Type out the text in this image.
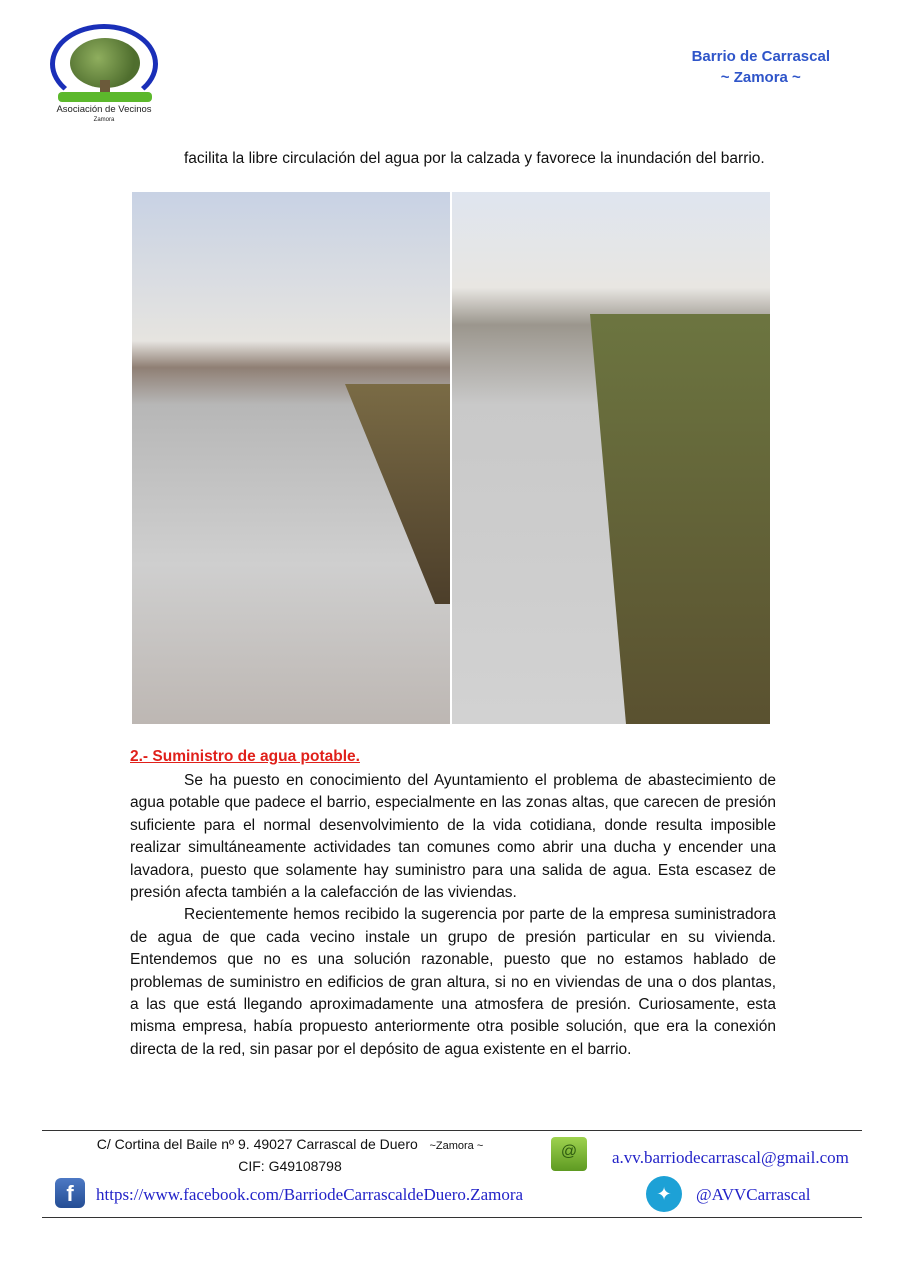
Asociación de Vecinos
Zamora
Barrio de Carrascal
~ Zamora ~
facilita la libre circulación del agua por la calzada y favorece la inundación del barrio.
2.- Suministro de agua potable.

Se ha puesto en conocimiento del Ayuntamiento el problema de abastecimiento de agua potable que padece el barrio, especialmente en las zonas altas, que carecen de presión suficiente para el normal desenvolvimiento de la vida cotidiana, donde resulta imposible realizar simultáneamente actividades tan comunes como abrir una ducha y encender una lavadora, puesto que solamente hay suministro para una salida de agua. Esta escasez de presión afecta también a la calefacción de las viviendas.

Recientemente hemos recibido la sugerencia por parte de la empresa suministradora de agua de que cada vecino instale un grupo de presión particular en su vivienda. Entendemos que no es una solución razonable, puesto que no estamos hablado de problemas de suministro en edificios de gran altura, si no en viviendas de una o dos plantas, a las que está llegando aproximadamente una atmosfera de presión. Curiosamente, esta misma empresa, había propuesto anteriormente otra posible solución, que era la conexión directa de la red, sin pasar por el depósito de agua existente en el barrio.

C/ Cortina del Baile nº 9. 49027 Carrascal de Duero ~Zamora ~
CIF: G49108798
@	a.vv.barriodecarrascal@gmail.com
f	https://www.facebook.com/BarriodeCarrascaldeDuero.Zamora	✦	@AVVCarrascal
